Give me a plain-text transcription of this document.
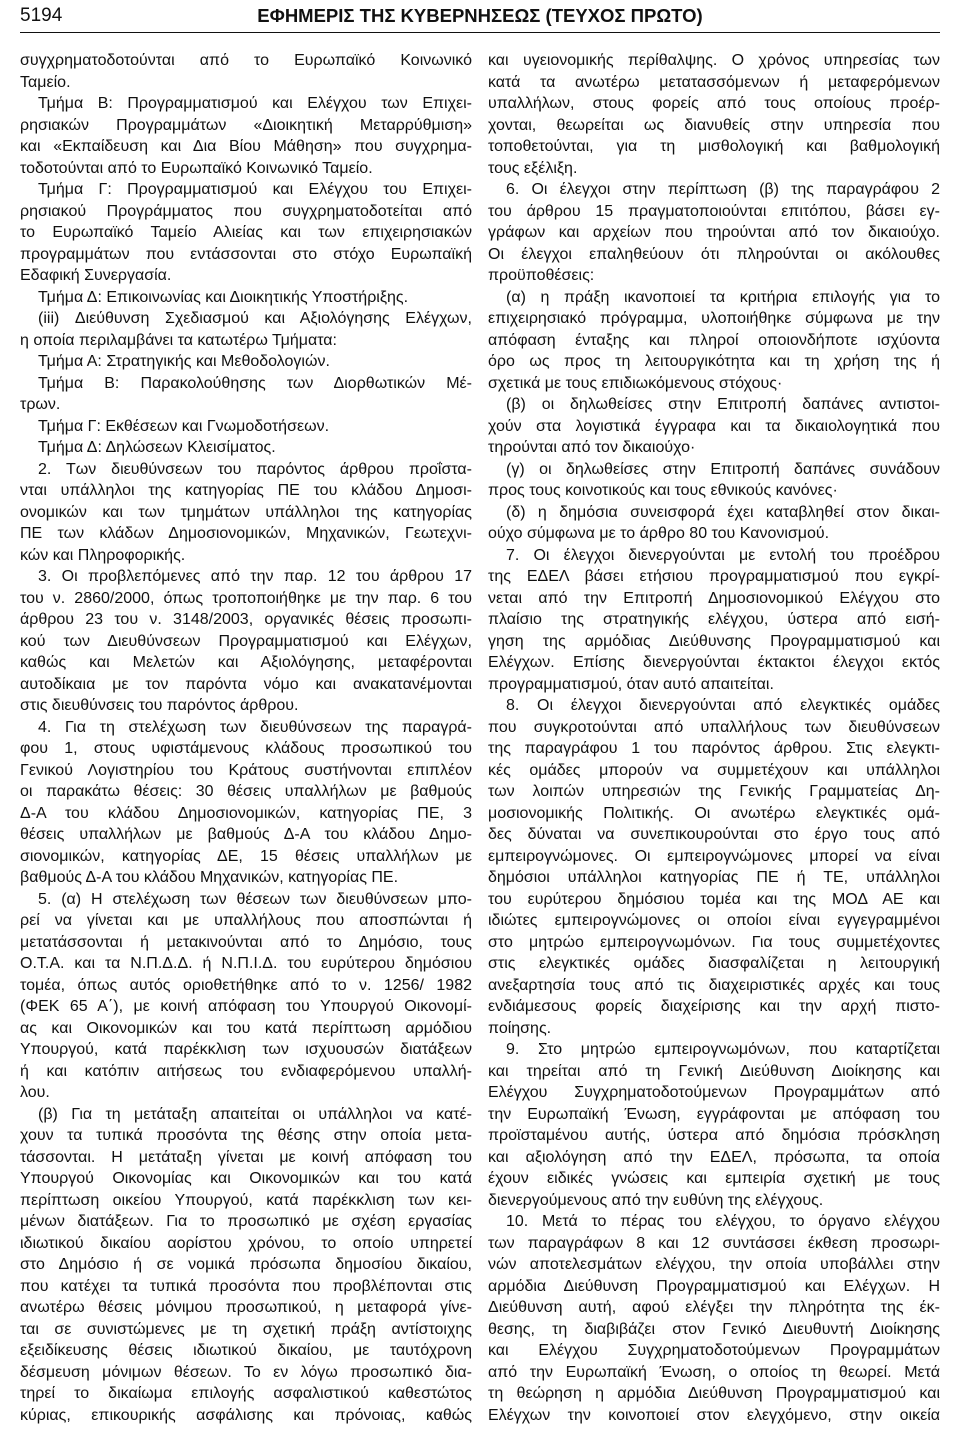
5194	ΕΦΗΜΕΡΙΣ ΤΗΣ ΚΥΒΕΡΝΗΣΕΩΣ (ΤΕΥΧΟΣ ΠΡΩΤΟ)
συγχρηματοδοτούνται από το Ευρωπαϊκό Κοινωνικό
Ταμείο.
Τμήμα Β: Προγραμματισμού και Ελέγχου των Επιχει-
ρησιακών Προγραμμάτων «Διοικητική Μεταρρύθμιση»
και «Εκπαίδευση και Δια Βίου Μάθηση» που συγχρημα-
τοδοτούνται από το Ευρωπαϊκό Κοινωνικό Ταμείο.
Τμήμα Γ: Προγραμματισμού και Ελέγχου του Επιχει-
ρησιακού Προγράμματος που συγχρηματοδοτείται από
το Ευρωπαϊκό Ταμείο Αλιείας και των επιχειρησιακών
προγραμμάτων που εντάσσονται στο στόχο Ευρωπαϊκή
Εδαφική Συνεργασία.
Τμήμα Δ: Επικοινωνίας και Διοικητικής Υποστήριξης.
(iii) Διεύθυνση Σχεδιασμού και Αξιολόγησης Ελέγχων,
η οποία περιλαμβάνει τα κατωτέρω Τμήματα:
Τμήμα Α: Στρατηγικής και Μεθοδολογιών.
Τμήμα Β: Παρακολούθησης των Διορθωτικών Μέ-
τρων.
Τμήμα Γ: Εκθέσεων και Γνωμοδοτήσεων.
Τμήμα Δ: Δηλώσεων Κλεισίματος.
2. Των διευθύνσεων του παρόντος άρθρου προΐστα-
νται υπάλληλοι της κατηγορίας ΠΕ του κλάδου Δημοσι-
ονομικών και των τμημάτων υπάλληλοι της κατηγορίας
ΠΕ των κλάδων Δημοσιονομικών, Μηχανικών, Γεωτεχνι-
κών και Πληροφορικής.
3. Οι προβλεπόμενες από την παρ. 12 του άρθρου 17
του ν. 2860/2000, όπως τροποποιήθηκε με την παρ. 6 του
άρθρου 23 του ν. 3148/2003, οργανικές θέσεις προσωπι-
κού των Διευθύνσεων Προγραμματισμού και Ελέγχων,
καθώς και Μελετών και Αξιολόγησης, μεταφέρονται
αυτοδίκαια με τον παρόντα νόμο και ανακατανέμονται
στις διευθύνσεις του παρόντος άρθρου.
4. Για τη στελέχωση των διευθύνσεων της παραγρά-
φου 1, στους υφιστάμενους κλάδους προσωπικού του
Γενικού Λογιστηρίου του Κράτους συστήνονται επιπλέον
οι παρακάτω θέσεις: 30 θέσεις υπαλλήλων με βαθμούς
Δ-Α του κλάδου Δημοσιονομικών, κατηγορίας ΠΕ, 3
θέσεις υπαλλήλων με βαθμούς Δ-Α του κλάδου Δημο-
σιονομικών, κατηγορίας ΔΕ, 15 θέσεις υπαλλήλων με
βαθμούς Δ-Α του κλάδου Μηχανικών, κατηγορίας ΠΕ.
5. (α) Η στελέχωση των θέσεων των διευθύνσεων μπο-
ρεί να γίνεται και με υπαλλήλους που αποσπώνται ή
μετατάσσονται ή μετακινούνται από το Δημόσιο, τους
Ο.Τ.Α. και τα Ν.Π.Δ.Δ. ή Ν.Π.Ι.Δ. του ευρύτερου δημόσιου
τομέα, όπως αυτός οριοθετήθηκε από το ν. 1256/ 1982
(ΦΕΚ 65 Α΄), με κοινή απόφαση του Υπουργού Οικονομί-
ας και Οικονομικών και του κατά περίπτωση αρμόδιου
Υπουργού, κατά παρέκκλιση των ισχυουσών διατάξεων
ή και κατόπιν αιτήσεως του ενδιαφερόμενου υπαλλή-
λου.
(β) Για τη μετάταξη απαιτείται οι υπάλληλοι να κατέ-
χουν τα τυπικά προσόντα της θέσης στην οποία μετα-
τάσσονται. Η μετάταξη γίνεται με κοινή απόφαση του
Υπουργού Οικονομίας και Οικονομικών και του κατά
περίπτωση οικείου Υπουργού, κατά παρέκκλιση των κει-
μένων διατάξεων. Για το προσωπικό με σχέση εργασίας
ιδιωτικού δικαίου αορίστου χρόνου, το οποίο υπηρετεί
στο Δημόσιο ή σε νομικά πρόσωπα δημοσίου δικαίου,
που κατέχει τα τυπικά προσόντα που προβλέπονται στις
ανωτέρω θέσεις μόνιμου προσωπικού, η μεταφορά γίνε-
ται σε συνιστώμενες με τη σχετική πράξη αντίστοιχης
εξειδίκευσης θέσεις ιδιωτικού δικαίου, με ταυτόχρονη
δέσμευση μόνιμων θέσεων. Το εν λόγω προσωπικό δια-
τηρεί το δικαίωμα επιλογής ασφαλιστικού καθεστώτος
κύριας, επικουρικής ασφάλισης και πρόνοιας, καθώς
και υγειονομικής περίθαλψης. Ο χρόνος υπηρεσίας των
κατά τα ανωτέρω μετατασσόμενων ή μεταφερόμενων
υπαλλήλων, στους φορείς από τους οποίους προέρ-
χονται, θεωρείται ως διανυθείς στην υπηρεσία που
τοποθετούνται, για τη μισθολογική και βαθμολογική
τους εξέλιξη.
6. Οι έλεγχοι στην περίπτωση (β) της παραγράφου 2
του άρθρου 15 πραγματοποιούνται επιτόπου, βάσει εγ-
γράφων και αρχείων που τηρούνται από τον δικαιούχο.
Οι έλεγχοι επαληθεύουν ότι πληρούνται οι ακόλουθες
προϋποθέσεις:
(α) η πράξη ικανοποιεί τα κριτήρια επιλογής για το
επιχειρησιακό πρόγραμμα, υλοποιήθηκε σύμφωνα με την
απόφαση ένταξης και πληροί οποιονδήποτε ισχύοντα
όρο ως προς τη λειτουργικότητα και τη χρήση της ή
σχετικά με τους επιδιωκόμενους στόχους·
(β) οι δηλωθείσες στην Επιτροπή δαπάνες αντιστοι-
χούν στα λογιστικά έγγραφα και τα δικαιολογητικά που
τηρούνται από τον δικαιούχο·
(γ) οι δηλωθείσες στην Επιτροπή δαπάνες συνάδουν
προς τους κοινοτικούς και τους εθνικούς κανόνες·
(δ) η δημόσια συνεισφορά έχει καταβληθεί στον δικαι-
ούχο σύμφωνα με το άρθρο 80 του Κανονισμού.
7. Οι έλεγχοι διενεργούνται με εντολή του προέδρου
της ΕΔΕΛ βάσει ετήσιου προγραμματισμού που εγκρί-
νεται από την Επιτροπή Δημοσιονομικού Ελέγχου στο
πλαίσιο της στρατηγικής ελέγχου, ύστερα από εισή-
γηση της αρμόδιας Διεύθυνσης Προγραμματισμού και
Ελέγχων. Επίσης διενεργούνται έκτακτοι έλεγχοι εκτός
προγραμματισμού, όταν αυτό απαιτείται.
8. Οι έλεγχοι διενεργούνται από ελεγκτικές ομάδες
που συγκροτούνται από υπαλλήλους των διευθύνσεων
της παραγράφου 1 του παρόντος άρθρου. Στις ελεγκτι-
κές ομάδες μπορούν να συμμετέχουν και υπάλληλοι
των λοιπών υπηρεσιών της Γενικής Γραμματείας Δη-
μοσιονομικής Πολιτικής. Οι ανωτέρω ελεγκτικές ομά-
δες δύναται να συνεπικουρούνται στο έργο τους από
εμπειρογνώμονες. Οι εμπειρογνώμονες μπορεί να είναι
δημόσιοι υπάλληλοι κατηγορίας ΠΕ ή ΤΕ, υπάλληλοι
του ευρύτερου δημόσιου τομέα και της ΜΟΔ ΑΕ και
ιδιώτες εμπειρογνώμονες οι οποίοι είναι εγγεγραμμένοι
στο μητρώο εμπειρογνωμόνων. Για τους συμμετέχοντες
στις ελεγκτικές ομάδες διασφαλίζεται η λειτουργική
ανεξαρτησία τους από τις διαχειριστικές αρχές και τους
ενδιάμεσους φορείς διαχείρισης και την αρχή πιστο-
ποίησης.
9. Στο μητρώο εμπειρογνωμόνων, που καταρτίζεται
και τηρείται από τη Γενική Διεύθυνση Διοίκησης και
Ελέγχου Συγχρηματοδοτούμενων Προγραμμάτων από
την Ευρωπαϊκή Ένωση, εγγράφονται με απόφαση του
προϊσταμένου αυτής, ύστερα από δημόσια πρόσκληση
και αξιολόγηση από την ΕΔΕΛ, πρόσωπα, τα οποία
έχουν ειδικές γνώσεις και εμπειρία σχετική με τους
διενεργούμενους από την ευθύνη της ελέγχους.
10. Μετά το πέρας του ελέγχου, το όργανο ελέγχου
των παραγράφων 8 και 12 συντάσσει έκθεση προσωρι-
νών αποτελεσμάτων ελέγχου, την οποία υποβάλλει στην
αρμόδια Διεύθυνση Προγραμματισμού και Ελέγχων. Η
Διεύθυνση αυτή, αφού ελέγξει την πληρότητα της έκ-
θεσης, τη διαβιβάζει στον Γενικό Διευθυντή Διοίκησης
και Ελέγχου Συγχρηματοδοτούμενων Προγραμμάτων
από την Ευρωπαϊκή Ένωση, ο οποίος τη θεωρεί. Μετά
τη θεώρηση η αρμόδια Διεύθυνση Προγραμματισμού και
Ελέγχων την κοινοποιεί στον ελεγχόμενο, στην οικεία
